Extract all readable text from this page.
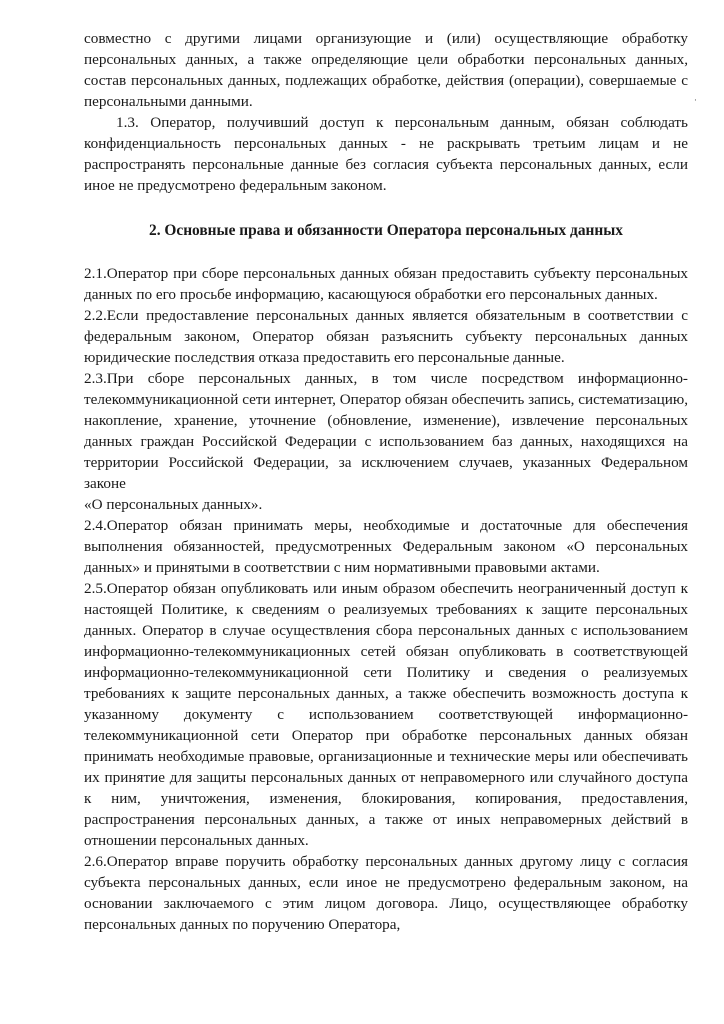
совместно с другими лицами организующие и (или) осуществляющие обработку персональных данных, а также определяющие цели обработки персональных данных, состав персональных данных, подлежащих обработке, действия (операции), совершаемые с персональными данными.

1.3. Оператор, получивший доступ к персональным данным, обязан соблюдать конфиденциальность персональных данных - не раскрывать третьим лицам и не распространять персональные данные без согласия субъекта персональных данных, если иное не предусмотрено федеральным законом.

2. Основные права и обязанности Оператора персональных данных

2.1.Оператор при сборе персональных данных обязан предоставить субъекту персональных данных по его просьбе информацию, касающуюся обработки его персональных данных.

2.2.Если предоставление персональных данных является обязательным в соответствии с федеральным законом, Оператор обязан разъяснить субъекту персональных данных юридические последствия отказа предоставить его персональные данные.

2.3.При сборе персональных данных, в том числе посредством информационно-телекоммуникационной сети интернет, Оператор обязан обеспечить запись, систематизацию, накопление, хранение, уточнение (обновление, изменение), извлечение персональных данных граждан Российской Федерации с использованием баз данных, находящихся на территории Российской Федерации, за исключением случаев, указанных Федеральном законе

«О персональных данных».

2.4.Оператор обязан принимать меры, необходимые и достаточные для обеспечения выполнения обязанностей, предусмотренных Федеральным законом «О персональных данных» и принятыми в соответствии с ним нормативными правовыми актами.

2.5.Оператор обязан опубликовать или иным образом обеспечить неограниченный доступ к настоящей Политике, к сведениям о реализуемых требованиях к защите персональных данных. Оператор в случае осуществления сбора персональных данных с использованием информационно-телекоммуникационных сетей обязан опубликовать в соответствующей информационно-телекоммуникационной сети Политику и сведения о реализуемых требованиях к защите персональных данных, а также обеспечить возможность доступа к указанному документу с использованием соответствующей информационно-телекоммуникационной сети Оператор при обработке персональных данных обязан принимать необходимые правовые, организационные и технические меры или обеспечивать их принятие для защиты персональных данных от неправомерного или случайного доступа к ним, уничтожения, изменения, блокирования, копирования, предоставления, распространения персональных данных, а также от иных неправомерных действий в отношении персональных данных.

2.6.Оператор вправе поручить обработку персональных данных другому лицу с согласия субъекта персональных данных, если иное не предусмотрено федеральным законом, на основании заключаемого с этим лицом договора. Лицо, осуществляющее обработку персональных данных по поручению Оператора,

·
